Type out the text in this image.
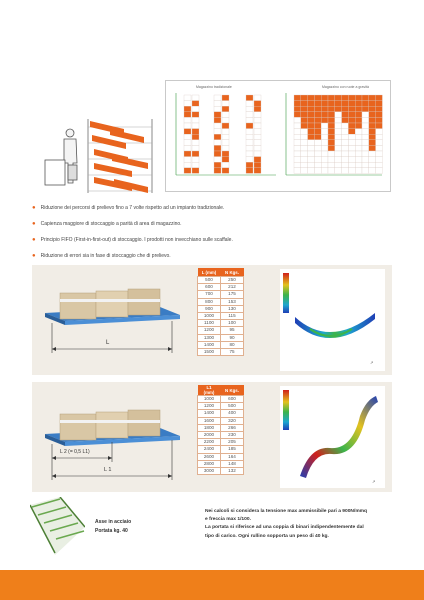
Magazzino tradizionale	Magazzino con ruote a gravità
● Riduzione dei percorsi di prelievo fino a 7 volte rispetto ad un impianto tradizionale.
● Capienza maggiore di stoccaggio a parità di area di magazzino.
● Principio FIFO (First-in-first-out) di stoccaggio. I prodotti non invecchiano sulle scaffale.
● Riduzione di errori sia in fase di stoccaggio che di prelievo.
L
L (mm)	N Kgs.
500	250
600	212
700	175
800	153
900	130
1000	115
1100	100
1200	95
1300	90
1400	80
1500	75
↗
L 2 (= 0,5 L1)
L 1
L1 (mm)	N Kgs.
1000	600
1200	500
1400	400
1600	320
1800	266
2000	230
2200	205
2400	185
2600	164
2800	148
3000	132
↗
Asse in acciaio
Portata kg. 40
Nei calcoli si considera la tensione max ammissibile pari a 900N/mmq
e freccia max 1/100.
La portata si riferisce ad una coppia di binari indipendentemente dal
tipo di carico. Ogni rullino sopporta un peso di 40 kg.
